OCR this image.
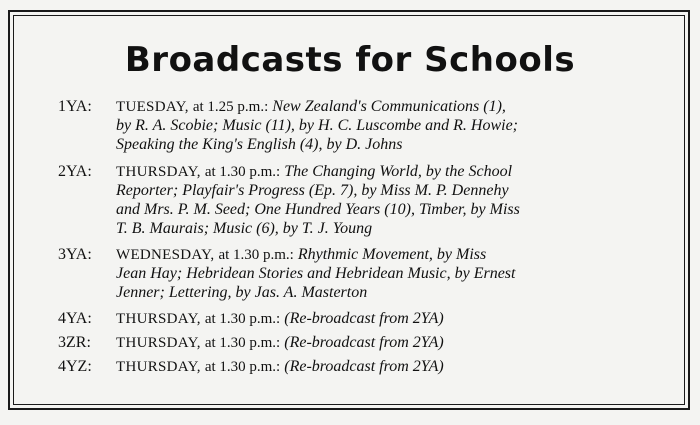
Broadcasts for Schools
1YA:	TUESDAY, at 1.25 p.m.: New Zealand's Communications (1),
by R. A. Scobie; Music (11), by H. C. Luscombe and R. Howie;
Speaking the King's English (4), by D. Johns
2YA:	THURSDAY, at 1.30 p.m.: The Changing World, by the School
Reporter; Playfair's Progress (Ep. 7), by Miss M. P. Dennehy
and Mrs. P. M. Seed; One Hundred Years (10), Timber, by Miss
T. B. Maurais; Music (6), by T. J. Young
3YA:	WEDNESDAY, at 1.30 p.m.: Rhythmic Movement, by Miss
Jean Hay; Hebridean Stories and Hebridean Music, by Ernest
Jenner; Lettering, by Jas. A. Masterton
4YA:	THURSDAY, at 1.30 p.m.: (Re-broadcast from 2YA)
3ZR:	THURSDAY, at 1.30 p.m.: (Re-broadcast from 2YA)
4YZ:	THURSDAY, at 1.30 p.m.: (Re-broadcast from 2YA)
